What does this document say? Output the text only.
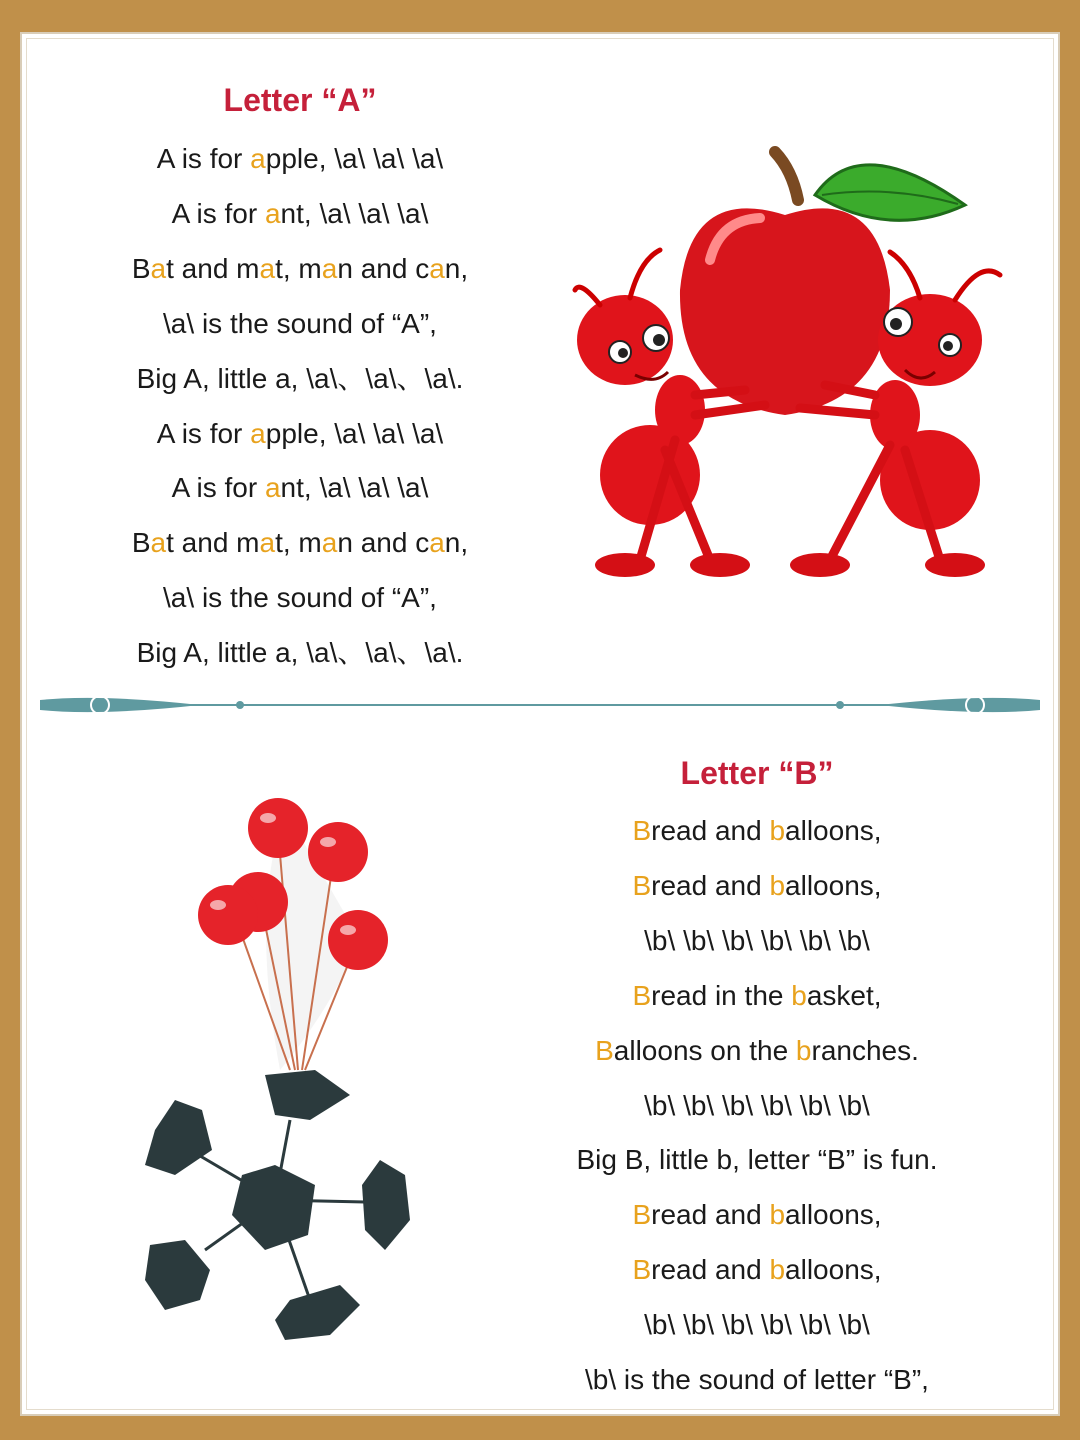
Letter “A”
A is for apple, \a\ \a\ \a\
A is for ant, \a\ \a\ \a\
Bat and mat, man and can,
\a\ is the sound of “A”,
Big A, little a, \a\、\a\、\a\.
A is for apple, \a\ \a\ \a\
A is for ant, \a\ \a\ \a\
Bat and mat, man and can,
\a\ is the sound of “A”,
Big A, little a, \a\、\a\、\a\.
Letter “B”
Bread and balloons,
Bread and balloons,
\b\ \b\ \b\ \b\ \b\ \b\
Bread in the basket,
Balloons on the branches.
\b\ \b\ \b\ \b\ \b\ \b\
Big B, little b, letter “B” is fun.
Bread and balloons,
Bread and balloons,
\b\ \b\ \b\ \b\ \b\ \b\
\b\ is the sound of letter “B”,
